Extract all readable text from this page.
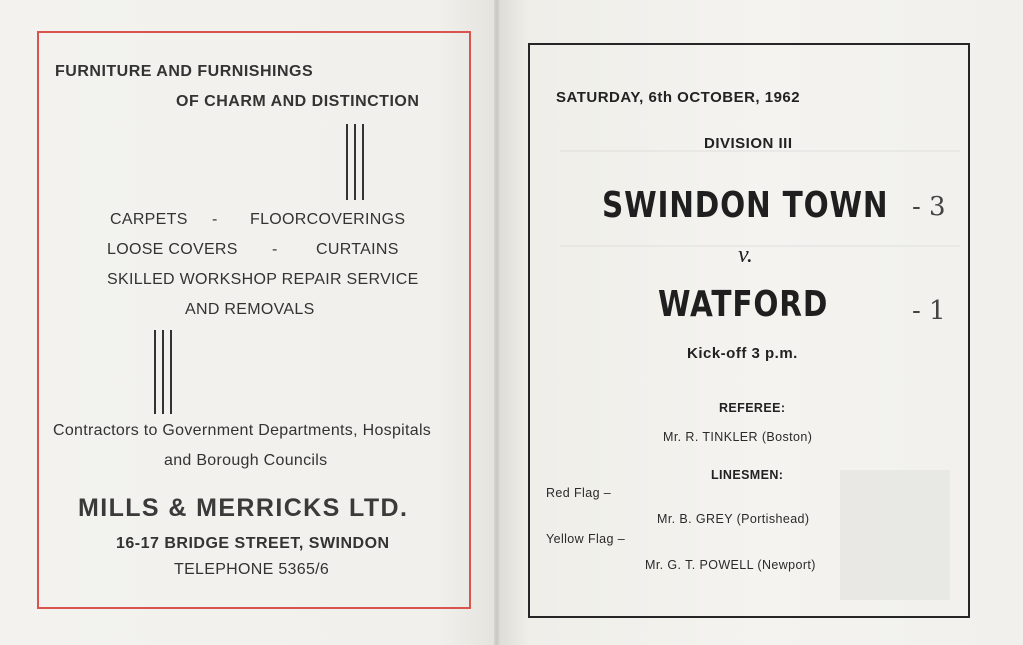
FURNITURE AND FURNISHINGS
OF CHARM AND DISTINCTION
CARPETS - FLOORCOVERINGS
LOOSE COVERS - CURTAINS
SKILLED WORKSHOP REPAIR SERVICE
AND REMOVALS
Contractors to Government Departments, Hospitals
and Borough Councils
MILLS & MERRICKS LTD.
16-17 BRIDGE STREET, SWINDON
TELEPHONE 5365/6
SATURDAY, 6th OCTOBER, 1962
DIVISION III
SWINDON TOWN - 3
v.
WATFORD	- 1
Kick-off 3 p.m.
REFEREE:
Mr. R. TINKLER (Boston)
LINESMEN:
Red Flag –
Mr. B. GREY (Portishead)
Yellow Flag –
Mr. G. T. POWELL (Newport)
